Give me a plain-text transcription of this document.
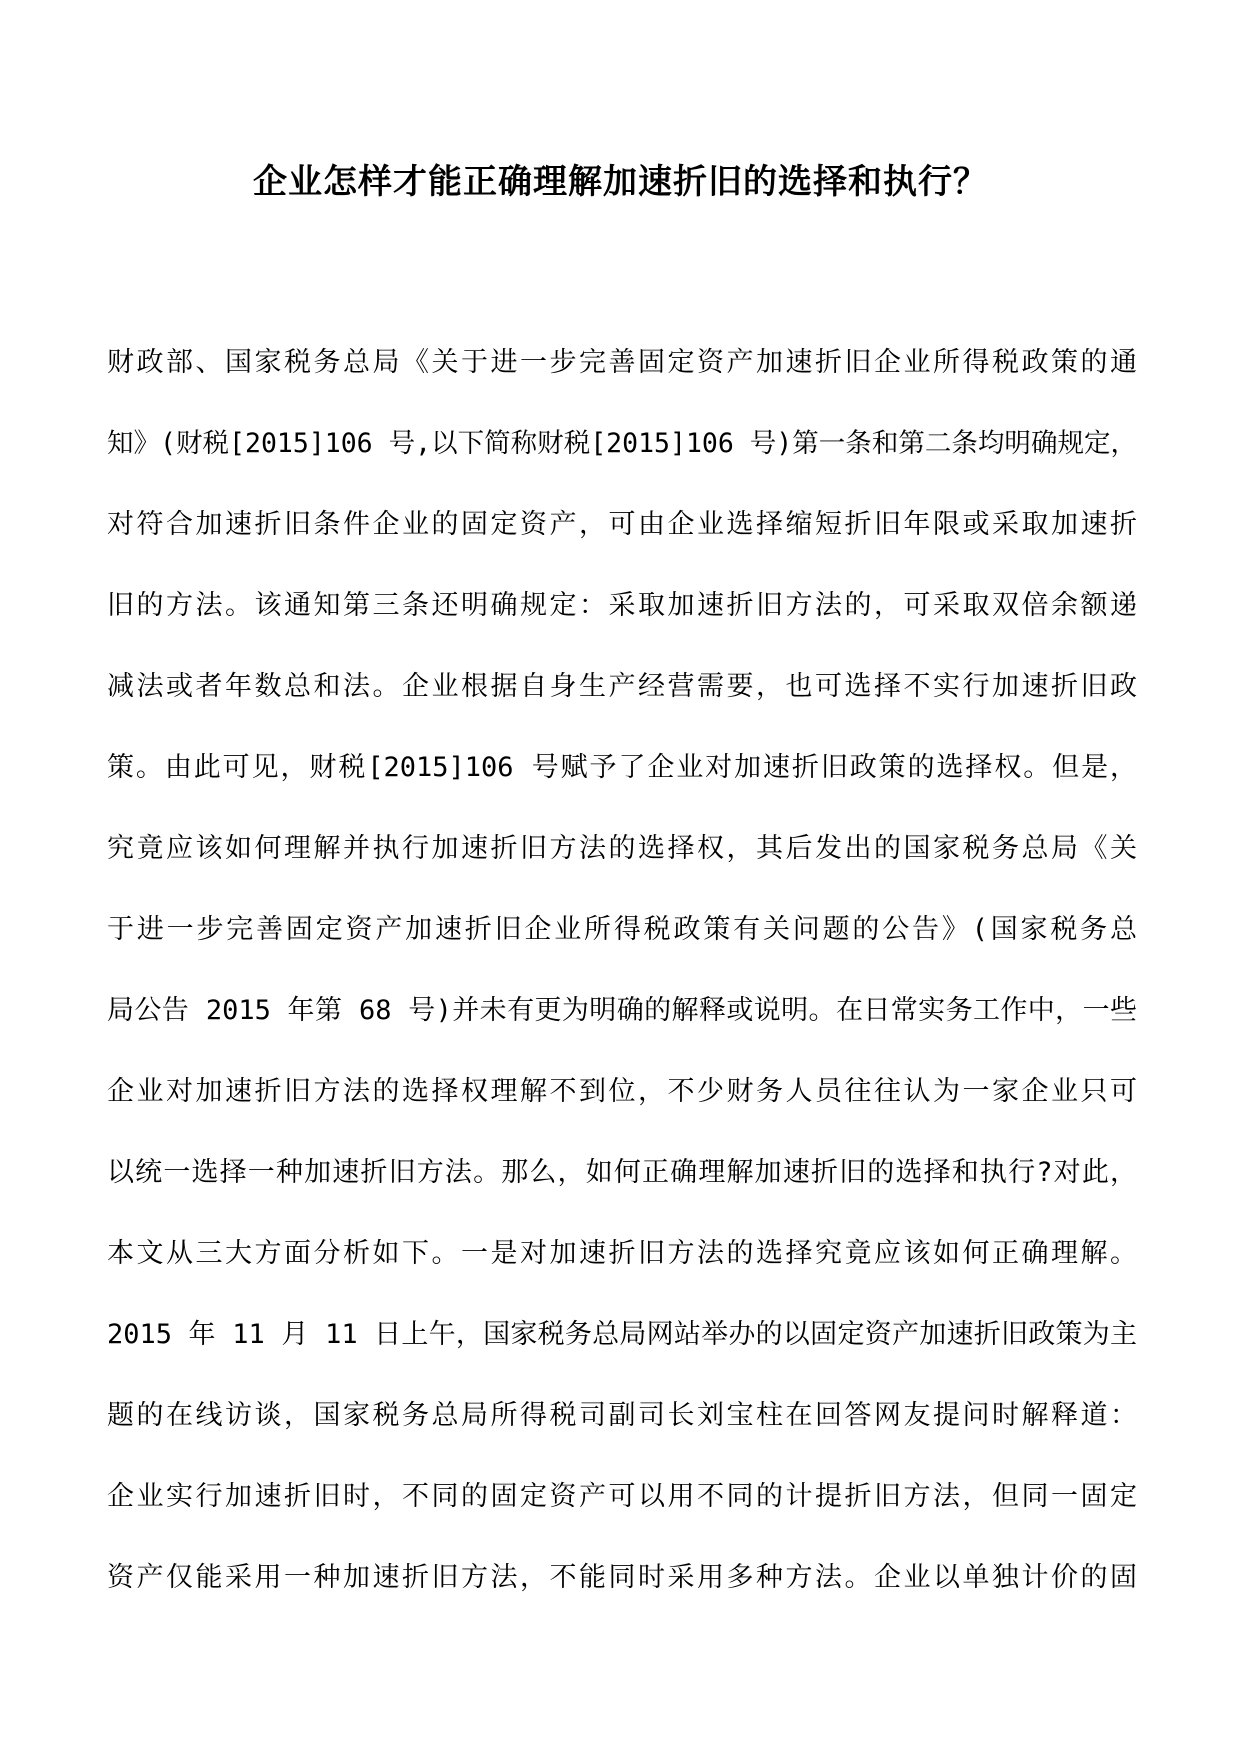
企业怎样才能正确理解加速折旧的选择和执行？
财政部、国家税务总局《关于进一步完善固定资产加速折旧企业所得税政策的通
知》(财税[2015]106 号,以下简称财税[2015]106 号)第一条和第二条均明确规定，
对符合加速折旧条件企业的固定资产，可由企业选择缩短折旧年限或采取加速折
旧的方法。该通知第三条还明确规定：采取加速折旧方法的，可采取双倍余额递
减法或者年数总和法。企业根据自身生产经营需要，也可选择不实行加速折旧政
策。由此可见，财税[2015]106 号赋予了企业对加速折旧政策的选择权。但是，
究竟应该如何理解并执行加速折旧方法的选择权，其后发出的国家税务总局《关
于进一步完善固定资产加速折旧企业所得税政策有关问题的公告》(国家税务总
局公告 2015 年第 68 号)并未有更为明确的解释或说明。在日常实务工作中，一些
企业对加速折旧方法的选择权理解不到位，不少财务人员往往认为一家企业只可
以统一选择一种加速折旧方法。那么，如何正确理解加速折旧的选择和执行?对此，
本文从三大方面分析如下。一是对加速折旧方法的选择究竟应该如何正确理解。
2015 年 11 月 11 日上午，国家税务总局网站举办的以固定资产加速折旧政策为主
题的在线访谈，国家税务总局所得税司副司长刘宝柱在回答网友提问时解释道：
企业实行加速折旧时，不同的固定资产可以用不同的计提折旧方法，但同一固定
资产仅能采用一种加速折旧方法，不能同时采用多种方法。企业以单独计价的固
